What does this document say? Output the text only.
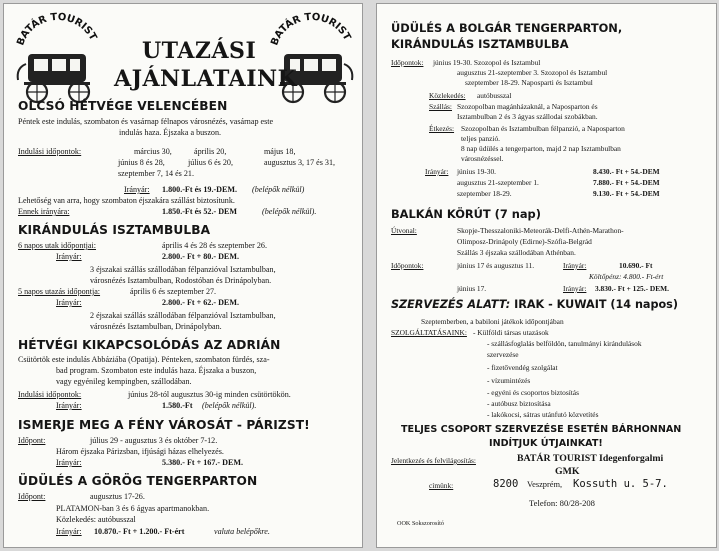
BATÁR TOURIST	BATÁR TOURIST
UTAZÁSI
AJÁNLATAINK
OLCSÓ HÉTVÉGE VELENCÉBEN
Péntek este indulás, szombaton és vasárnap félnapos városnézés, vasárnap este
indulás haza. Éjszaka a buszon.
Indulási időpontok:	március 30,	április 20,	május 18,
június 8 és 28,	július 6 és 20,	augusztus 3, 17 és 31,
szeptember 7, 14 és 21.
Irányár: 1.800.-Ft és 19.-DEM. (belépők nélkül)
Lehetőség van arra, hogy szombaton éjszakára szállást biztosítunk.
Ennek irányára:	1.850.-Ft és 52.- DEM	(belépők nélkül).
KIRÁNDULÁS ISZTAMBULBA
6 napos utak időpontjai:	április 4 és 28 és szeptember 26.
Irányár:	2.800.- Ft + 80.- DEM.
3 éjszakai szállás szállodában félpanzióval Isztambulban,
városnézés Isztambulban, Rodostóban és Drinápolyban.
5 napos utazás időpontja:	április 6 és szeptember 27.
Irányár:	2.800.- Ft + 62.- DEM.
2 éjszakai szállás szállodában félpanzióval Isztambulban,
városnézés Isztambulban, Drinápolyban.
HÉTVÉGI KIKAPCSOLÓDÁS AZ ADRIÁN
Csütörtök este indulás Abbáziába (Opatija). Pénteken, szombaton fürdés, sza-
bad program. Szombaton este indulás haza. Éjszaka a buszon,
vagy egyénileg kempingben, szállodában.
Indulási időpontok:	június 28-tól augusztus 30-ig minden csütörtökön.
Irányár:	1.580.-Ft (belépők nélkül).
ISMERJE MEG A FÉNY VÁROSÁT - PÁRIZST!
Időpont:	július 29 - augusztus 3 és október 7-12.
Három éjszaka Párizsban, ifjúsági házas elhelyezés.
Irányár:	5.380.- Ft + 167.- DEM.
ÜDÜLÉS A GÖRÖG TENGERPARTON
Időpont:	augusztus 17-26.
PLATAMON-ban 3 és 6 ágyas apartmanokban.
Közlekedés: autóbusszal
Irányár: 10.870.- Ft + 1.200.- Ft-ért	valuta belépőkre.
ÜDÜLÉS A BOLGÁR TENGERPARTON,
KIRÁNDULÁS ISZTAMBULBA
Időpontok: június 19-30. Szozopol és Isztambul
augusztus 21-szeptember 3. Szozopol és Isztambul
szeptember 18-29. Naposparti és Isztambul
Közlekedés: autóbusszal
Szállás: Szozopolban magánházaknál, a Naposparton és
Isztambulban 2 és 3 ágyas szállodai szobákban.
Étkezés: Szozopolban és Isztambulban félpanzió, a Naposparton
teljes panzió.
8 nap üdülés a tengerparton, majd 2 nap Isztambulban
városnézéssel.
Irányár: június 19-30.	8.430.- Ft + 54.-DEM
augusztus 21-szeptember 1.	7.880.- Ft + 54.-DEM
szeptember 18-29.	9.130.- Ft + 54.-DEM
BALKÁN KÖRÚT (7 nap)
Útvonal:	Skopje-Thesszaloniki-Meteorák-Delfi-Athén-Marathon-
Olimposz-Drinápoly (Edirne)-Szófia-Belgrád
Szállás 3 éjszaka szállodában Athénban.
Időpontok:	június 17 és augusztus 11.	Irányár:	10.690.- Ft
Költőpénz: 4.800.- Ft-ért
június 17.	Irányár: 3.830.- Ft + 125.- DEM.
SZERVEZÉS ALATT: IRAK - KUWAIT (14 napos)
Szeptemberben, a babiloni játékok időpontjában
SZOLGÁLTATÁSAINK: - Külföldi társas utazások
- szállásfoglalás belföldön, tanulmányi kirándulások
szervezése
- fizetővendég szolgálat
- vízumintézés
- egyéni és csoportos biztosítás
- autóbusz biztosítása
- lakókocsi, sátras utánfutó közvetítés
TELJES CSOPORT SZERVEZÉSE ESETÉN BÁRHONNAN
INDÍTJUK ÚTJAINKAT!
Jelentkezés és felvilágosítás:	BATÁR TOURIST Idegenforgalmi
GMK
címünk:	8200 Veszprém, Kossuth u. 5-7.
Telefon: 80/28-208
OOK Sokszorosító
